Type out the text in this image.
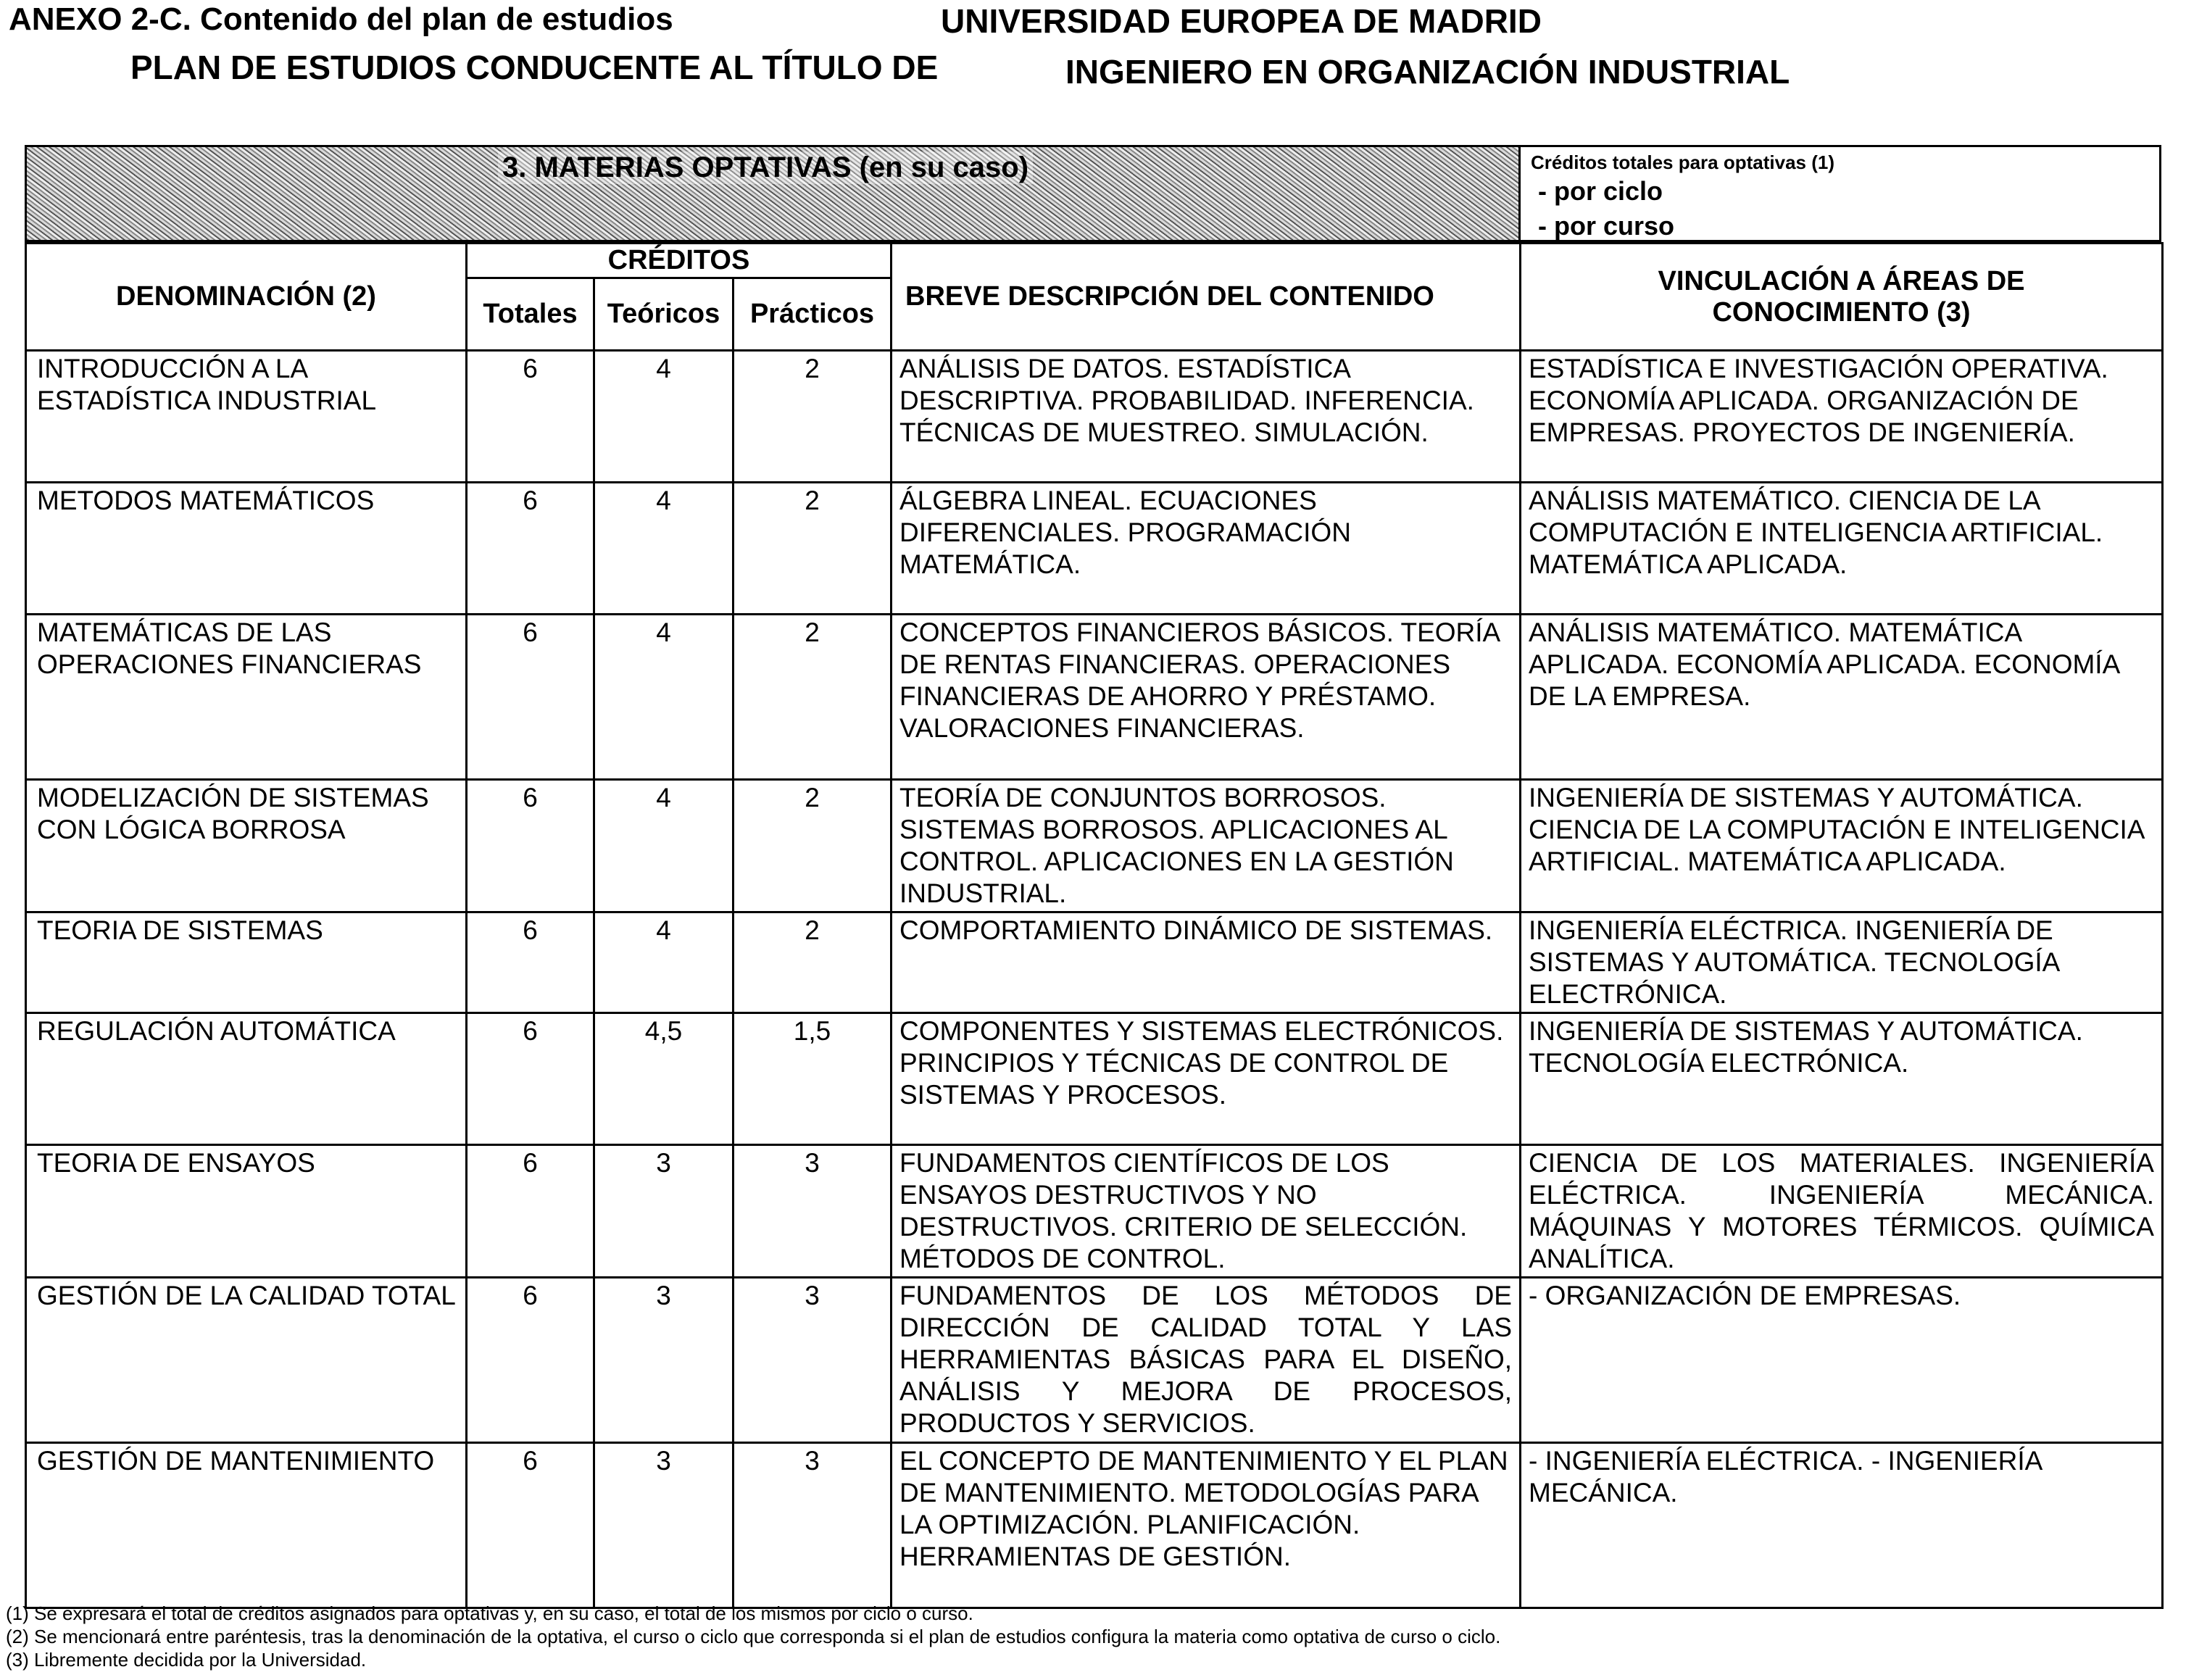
ANEXO 2-C. Contenido del plan de estudios	UNIVERSIDAD EUROPEA DE MADRID
PLAN DE ESTUDIOS CONDUCENTE AL TÍTULO DE	INGENIERO EN ORGANIZACIÓN INDUSTRIAL
3. MATERIAS OPTATIVAS (en su caso)	Créditos totales para optativas (1)
- por ciclo
- por curso
DENOMINACIÓN (2)	CRÉDITOS			BREVE DESCRIPCIÓN DEL CONTENIDO	VINCULACIÓN A ÁREAS DE CONOCIMIENTO (3)
	Totales	Teóricos	Prácticos		
INTRODUCCIÓN A LA ESTADÍSTICA INDUSTRIAL	6	4	2	ANÁLISIS DE DATOS. ESTADÍSTICA DESCRIPTIVA. PROBABILIDAD. INFERENCIA. TÉCNICAS DE MUESTREO. SIMULACIÓN.	ESTADÍSTICA E INVESTIGACIÓN OPERATIVA. ECONOMÍA APLICADA. ORGANIZACIÓN DE EMPRESAS. PROYECTOS DE INGENIERÍA.
METODOS MATEMÁTICOS	6	4	2	ÁLGEBRA LINEAL. ECUACIONES DIFERENCIALES. PROGRAMACIÓN MATEMÁTICA.	ANÁLISIS MATEMÁTICO. CIENCIA DE LA COMPUTACIÓN E INTELIGENCIA ARTIFICIAL. MATEMÁTICA APLICADA.
MATEMÁTICAS DE LAS OPERACIONES FINANCIERAS	6	4	2	CONCEPTOS FINANCIEROS BÁSICOS. TEORÍA DE RENTAS FINANCIERAS. OPERACIONES FINANCIERAS DE AHORRO Y PRÉSTAMO. VALORACIONES FINANCIERAS.	ANÁLISIS MATEMÁTICO. MATEMÁTICA APLICADA. ECONOMÍA APLICADA. ECONOMÍA DE LA EMPRESA.
MODELIZACIÓN DE SISTEMAS CON LÓGICA BORROSA	6	4	2	TEORÍA DE CONJUNTOS BORROSOS. SISTEMAS BORROSOS. APLICACIONES AL CONTROL. APLICACIONES EN LA GESTIÓN INDUSTRIAL.	INGENIERÍA DE SISTEMAS Y AUTOMÁTICA. CIENCIA DE LA COMPUTACIÓN E INTELIGENCIA ARTIFICIAL. MATEMÁTICA APLICADA.
TEORIA DE SISTEMAS	6	4	2	COMPORTAMIENTO DINÁMICO DE SISTEMAS.	INGENIERÍA ELÉCTRICA. INGENIERÍA DE SISTEMAS Y AUTOMÁTICA. TECNOLOGÍA ELECTRÓNICA.
REGULACIÓN AUTOMÁTICA	6	4,5	1,5	COMPONENTES Y SISTEMAS ELECTRÓNICOS. PRINCIPIOS Y TÉCNICAS DE CONTROL DE SISTEMAS Y PROCESOS.	INGENIERÍA DE SISTEMAS Y AUTOMÁTICA. TECNOLOGÍA ELECTRÓNICA.
TEORIA DE ENSAYOS	6	3	3	FUNDAMENTOS CIENTÍFICOS DE LOS ENSAYOS DESTRUCTIVOS Y NO DESTRUCTIVOS. CRITERIO DE SELECCIÓN. MÉTODOS DE CONTROL.	CIENCIA DE LOS MATERIALES. INGENIERÍA ELÉCTRICA. INGENIERÍA MECÁNICA. MÁQUINAS Y MOTORES TÉRMICOS. QUÍMICA ANALÍTICA.
GESTIÓN DE LA CALIDAD TOTAL	6	3	3	FUNDAMENTOS DE LOS MÉTODOS DE DIRECCIÓN DE CALIDAD TOTAL Y LAS HERRAMIENTAS BÁSICAS PARA EL DISEÑO, ANÁLISIS Y MEJORA DE PROCESOS, PRODUCTOS Y SERVICIOS.	- ORGANIZACIÓN DE EMPRESAS.
GESTIÓN DE MANTENIMIENTO	6	3	3	EL CONCEPTO DE MANTENIMIENTO Y EL PLAN DE MANTENIMIENTO. METODOLOGÍAS PARA LA OPTIMIZACIÓN. PLANIFICACIÓN. HERRAMIENTAS DE GESTIÓN.	- INGENIERÍA ELÉCTRICA. - INGENIERÍA MECÁNICA.
(1) Se expresará el total de créditos asignados para optativas y, en su caso, el total de los mismos por ciclo o curso.
(2) Se mencionará entre paréntesis, tras la denominación de la optativa, el curso o ciclo que corresponda si el plan de estudios configura la materia como optativa de curso o ciclo.
(3) Libremente decidida por la Universidad.
